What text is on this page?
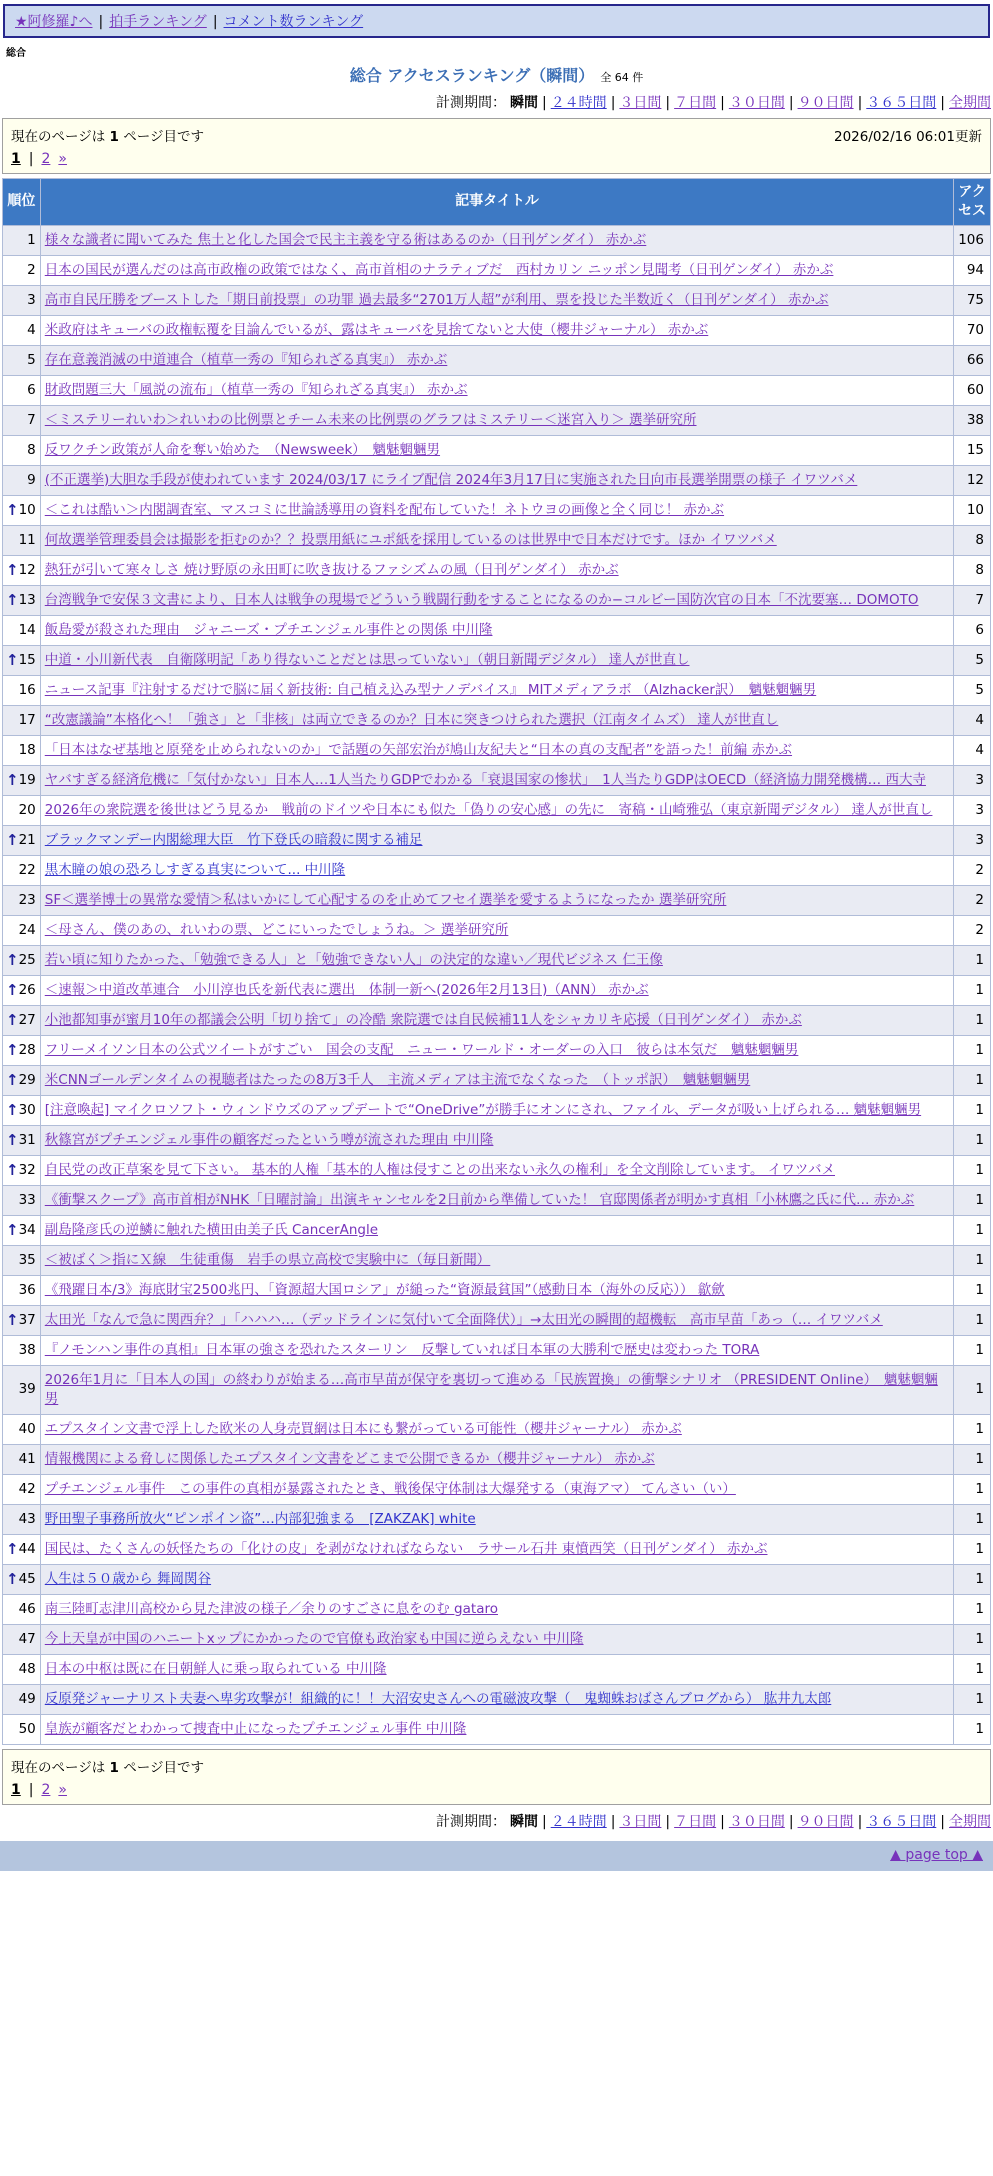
★阿修羅♪へ | 拍手ランキング | コメント数ランキング
総合
総合 アクセスランキング（瞬間） 全 64 件
計測期間： 瞬間 | ２４時間 | ３日間 | ７日間 | ３０日間 | ９０日間 | ３６５日間 | 全期間
現在のページは 1 ページ目です	2026/02/16 06:01更新
1 | 2 »
順位	記事タイトル	アクセス

1	様々な識者に聞いてみた 焦土と化した国会で民主主義を守る術はあるのか（日刊ゲンダイ） 赤かぶ	106

2	日本の国民が選んだのは高市政権の政策ではなく、高市首相のナラティブだ　西村カリン ニッポン見聞考（日刊ゲンダイ） 赤かぶ	94

3	高市自民圧勝をブーストした「期日前投票」の功罪 過去最多“2701万人超”が利用、票を投じた半数近く（日刊ゲンダイ） 赤かぶ	75

4	米政府はキューバの政権転覆を目論んでいるが、露はキューバを見捨てないと大使（櫻井ジャーナル） 赤かぶ	70

5	存在意義消滅の中道連合（植草一秀の『知られざる真実』） 赤かぶ	66

6	財政問題三大「風説の流布」（植草一秀の『知られざる真実』） 赤かぶ	60

7	＜ミステリーれいわ＞れいわの比例票とチーム未来の比例票のグラフはミステリー＜迷宮入り＞ 選挙研究所	38

8	反ワクチン政策が人命を奪い始めた　（Newsweek）　魑魅魍魎男	15

9	(不正選挙)大胆な手段が使われています 2024/03/17 にライブ配信 2024年3月17日に実施された日向市長選挙開票の様子 イワツバメ	12

↑ 10	＜これは酷い＞内閣調査室、マスコミに世論誘導用の資料を配布していた！ネトウヨの画像と全く同じ！ 赤かぶ	10

11	何故選挙管理委員会は撮影を拒むのか？？投票用紙にユポ紙を採用しているのは世界中で日本だけです。ほか イワツバメ	8

↑ 12	熱狂が引いて寒々しさ 焼け野原の永田町に吹き抜けるファシズムの風（日刊ゲンダイ） 赤かぶ	8

↑ 13	台湾戦争で安保３文書により、日本人は戦争の現場でどういう戦闘行動をすることになるのか−コルビー国防次官の日本「不沈要塞… DOMOTO	7

14	飯島愛が殺された理由＿ジャニーズ・プチエンジェル事件との関係 中川隆	6

↑ 15	中道・小川新代表　自衛隊明記「あり得ないことだとは思っていない」（朝日新聞デジタル） 達人が世直し	5

16	ニュース記事『注射するだけで脳に届く新技術: 自己植え込み型ナノデバイス』 MITメディアラボ （Alzhacker訳）　魑魅魍魎男	5

17	“改憲議論”本格化へ！「強さ」と「非核」は両立できるのか？日本に突きつけられた選択（江南タイムズ） 達人が世直し	4

18	「日本はなぜ基地と原発を止められないのか」で話題の矢部宏治が鳩山友紀夫と“日本の真の支配者”を語った！前編 赤かぶ	4

↑ 19	ヤバすぎる経済危機に「気付かない」日本人…1人当たりGDPでわかる「衰退国家の惨状」　1人当たりGDPはOECD（経済協力開発機構… 西大寺	3

20	2026年の衆院選を後世はどう見るか　戦前のドイツや日本にも似た「偽りの安心感」の先に　寄稿・山崎雅弘（東京新聞デジタル） 達人が世直し	3

↑ 21	ブラックマンデー内閣総理大臣　竹下登氏の暗殺に関する補足	3

22	黒木瞳の娘の恐ろしすぎる真実について... 中川隆	2

23	SF＜選挙博士の異常な愛情＞私はいかにして心配するのを止めてフセイ選挙を愛するようになったか 選挙研究所	2

24	＜母さん、僕のあの、れいわの票、どこにいったでしょうね。＞ 選挙研究所	2

↑ 25	若い頃に知りたかった、「勉強できる人」と「勉強できない人」の決定的な違い／現代ビジネス 仁王像	1

↑ 26	＜速報＞中道改革連合　小川淳也氏を新代表に選出　体制一新へ(2026年2月13日)（ANN） 赤かぶ	1

↑ 27	小池都知事が蜜月10年の都議会公明「切り捨て」の冷酷 衆院選では自民候補11人をシャカリキ応援（日刊ゲンダイ） 赤かぶ	1

↑ 28	フリーメイソン日本の公式ツイートがすごい　国会の支配　ニュー・ワールド・オーダーの入口　彼らは本気だ　魑魅魍魎男	1

↑ 29	米CNNゴールデンタイムの視聴者はたったの8万3千人　主流メディアは主流でなくなった　（トッポ訳）　魑魅魍魎男	1

↑ 30	[注意喚起] マイクロソフト・ウィンドウズのアップデートで“OneDrive”が勝手にオンにされ、ファイル、データが吸い上げられる… 魑魅魍魎男	1

↑ 31	秋篠宮がプチエンジェル事件の顧客だったという噂が流された理由 中川隆	1

↑ 32	自民党の改正草案を見て下さい。 基本的人権「基本的人権は侵すことの出来ない永久の権利」を全文削除しています。 イワツバメ	1

33	《衝撃スクープ》高市首相がNHK「日曜討論」出演キャンセルを2日前から準備していた！ 官邸関係者が明かす真相「小林鷹之氏に代… 赤かぶ	1

↑ 34	副島隆彦氏の逆鱗に触れた横田由美子氏 CancerAngle	1

35	＜被ばく＞指にＸ線　生徒重傷　岩手の県立高校で実験中に（毎日新聞）	1

36	《飛躍日本/3》海底財宝2500兆円、「資源超大国ロシア」が縋った“資源最貧国”（感動日本（海外の反応）） 歙歛	1

↑ 37	太田光「なんで急に関西弁？」「ハハハ…（デッドラインに気付いて全面降伏）」→太田光の瞬間的超機転　高市早苗「あっ（… イワツバメ	1

38	『ノモンハン事件の真相』日本軍の強さを恐れたスターリン　反撃していれば日本軍の大勝利で歴史は変わった TORA	1

39	2026年1月に「日本人の国」の終わりが始まる…高市早苗が保守を裏切って進める「民族置換」の衝撃シナリオ （PRESIDENT Online）　魑魅魍魎男	1

40	エプスタイン文書で浮上した欧米の人身売買網は日本にも繋がっている可能性（櫻井ジャーナル） 赤かぶ	1

41	情報機関による脅しに関係したエプスタイン文書をどこまで公開できるか（櫻井ジャーナル） 赤かぶ	1

42	プチエンジェル事件　この事件の真相が暴露されたとき、戦後保守体制は大爆発する（東海アマ） てんさい（い）	1

43	野田聖子事務所放火“ピンポイン盗”…内部犯強まる　[ZAKZAK] white	1

↑ 44	国民は、たくさんの妖怪たちの「化けの皮」を剥がなければならない　ラサール石井 東憤西笑（日刊ゲンダイ） 赤かぶ	1

↑ 45	人生は５０歳から 舞岡関谷	1

46	南三陸町志津川高校から見た津波の様子／余りのすごさに息をのむ gataro	1

47	今上天皇が中国のハニートxップにかかったので官僚も政治家も中国に逆らえない 中川隆	1

48	日本の中枢は既に在日朝鮮人に乗っ取られている 中川隆	1

49	反原発ジャーナリスト夫妻へ卑劣攻撃が！組織的に！！大沼安史さんへの電磁波攻撃（　鬼蜘蛛おばさんブログから） 肱井九太郎	1

50	皇族が顧客だとわかって捜査中止になったプチエンジェル事件 中川隆	1
現在のページは 1 ページ目です
1 | 2 »
計測期間： 瞬間 | ２４時間 | ３日間 | ７日間 | ３０日間 | ９０日間 | ３６５日間 | 全期間
▲ page top ▲
